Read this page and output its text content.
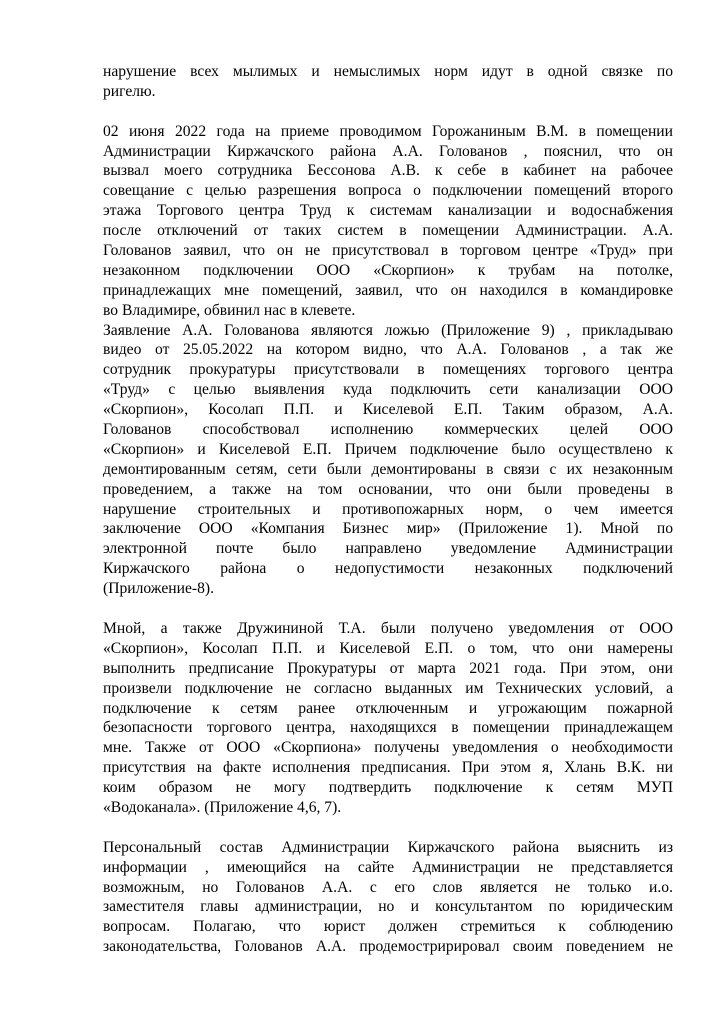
нарушение всех мылимых и немыслимых норм идут в одной связке по
ригелю.
02 июня 2022 года на приеме проводимом Горожаниным В.М. в помещении
Администрации Киржачского района А.А. Голованов , пояснил, что он
вызвал моего сотрудника Бессонова А.В. к себе в кабинет на рабочее
совещание с целью разрешения вопроса о подключении помещений второго
этажа Торгового центра Труд к системам канализации и водоснабжения
после отключений от таких систем в помещении Администрации. А.А.
Голованов заявил, что он не присутствовал в торговом центре «Труд» при
незаконном подключении ООО «Скорпион» к трубам на потолке,
принадлежащих мне помещений, заявил, что он находился в командировке
во Владимире, обвинил нас в клевете.
Заявление А.А. Голованова являются ложью (Приложение 9) , прикладываю
видео от 25.05.2022 на котором видно, что А.А. Голованов , а так же
сотрудник прокуратуры присутствовали в помещениях торгового центра
«Труд» с целью выявления куда подключить сети канализации ООО
«Скорпион», Косолап П.П. и Киселевой Е.П. Таким образом, А.А.
Голованов способствовал исполнению коммерческих целей ООО
«Скорпион» и Киселевой Е.П. Причем подключение было осуществлено к
демонтированным сетям, сети были демонтированы в связи с их незаконным
проведением, а также на том основании, что они были проведены в
нарушение строительных и противопожарных норм, о чем имеется
заключение ООО «Компания Бизнес мир» (Приложение 1). Мной по
электронной почте было направлено уведомление Администрации
Киржачского района о недопустимости незаконных подключений
(Приложение-8).
Мной, а также Дружининой Т.А. были получено уведомления от ООО
«Скорпион», Косолап П.П. и Киселевой Е.П. о том, что они намерены
выполнить предписание Прокуратуры от марта 2021 года. При этом, они
произвели подключение не согласно выданных им Технических условий, а
подключение к сетям ранее отключенным и угрожающим пожарной
безопасности торгового центра, находящихся в помещении принадлежащем
мне. Также от ООО «Скорпиона» получены уведомления о необходимости
присутствия на факте исполнения предписания. При этом я, Хлань В.К. ни
коим образом не могу подтвердить подключение к сетям МУП
«Водоканала». (Приложение 4,6, 7).
Персональный состав Администрации Киржачского района выяснить из
информации , имеющийся на сайте Администрации не представляется
возможным, но Голованов А.А. с его слов является не только и.о.
заместителя главы администрации, но и консультантом по юридическим
вопросам. Полагаю, что юрист должен стремиться к соблюдению
законодательства, Голованов А.А. продемостририровал своим поведением не
